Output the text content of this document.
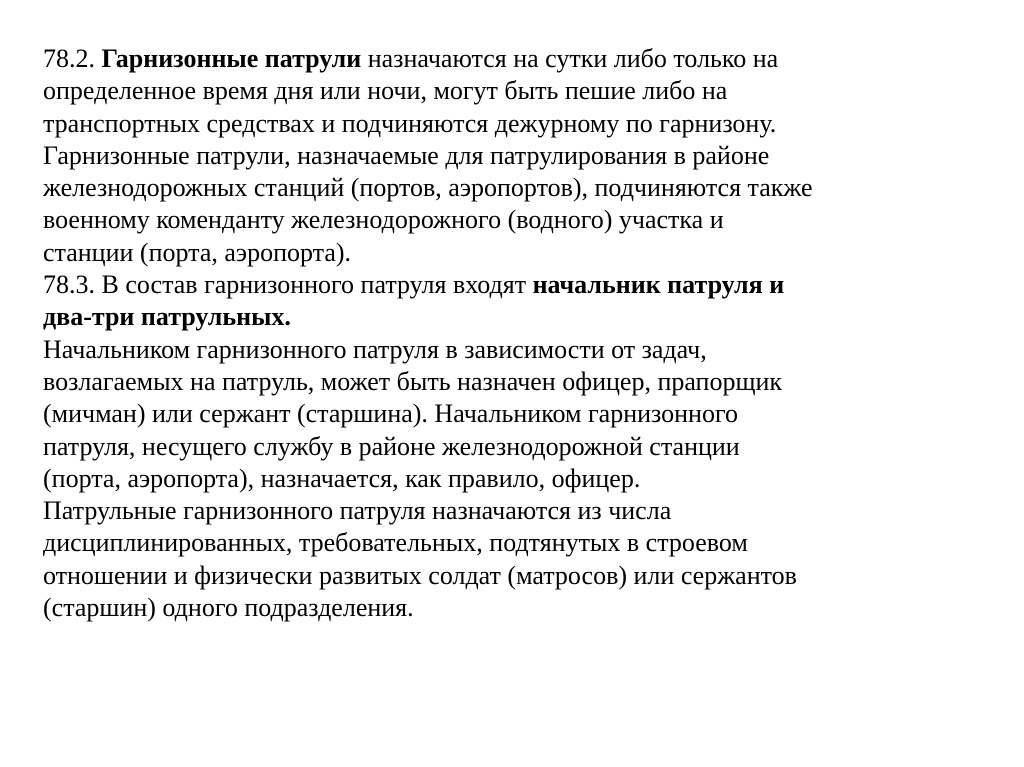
78.2. Гарнизонные патрули назначаются на сутки либо только на
определенное время дня или ночи, могут быть пешие либо на
транспортных средствах и подчиняются дежурному по гарнизону.
Гарнизонные патрули, назначаемые для патрулирования в районе
железнодорожных станций (портов, аэропортов), подчиняются также
военному коменданту железнодорожного (водного) участка и
станции (порта, аэропорта).
78.3. В состав гарнизонного патруля входят начальник патруля и
два-три патрульных.
Начальником гарнизонного патруля в зависимости от задач,
возлагаемых на патруль, может быть назначен офицер, прапорщик
(мичман) или сержант (старшина). Начальником гарнизонного
патруля, несущего службу в районе железнодорожной станции
(порта, аэропорта), назначается, как правило, офицер.
Патрульные гарнизонного патруля назначаются из числа
дисциплинированных, требовательных, подтянутых в строевом
отношении и физически развитых солдат (матросов) или сержантов
(старшин) одного подразделения.
